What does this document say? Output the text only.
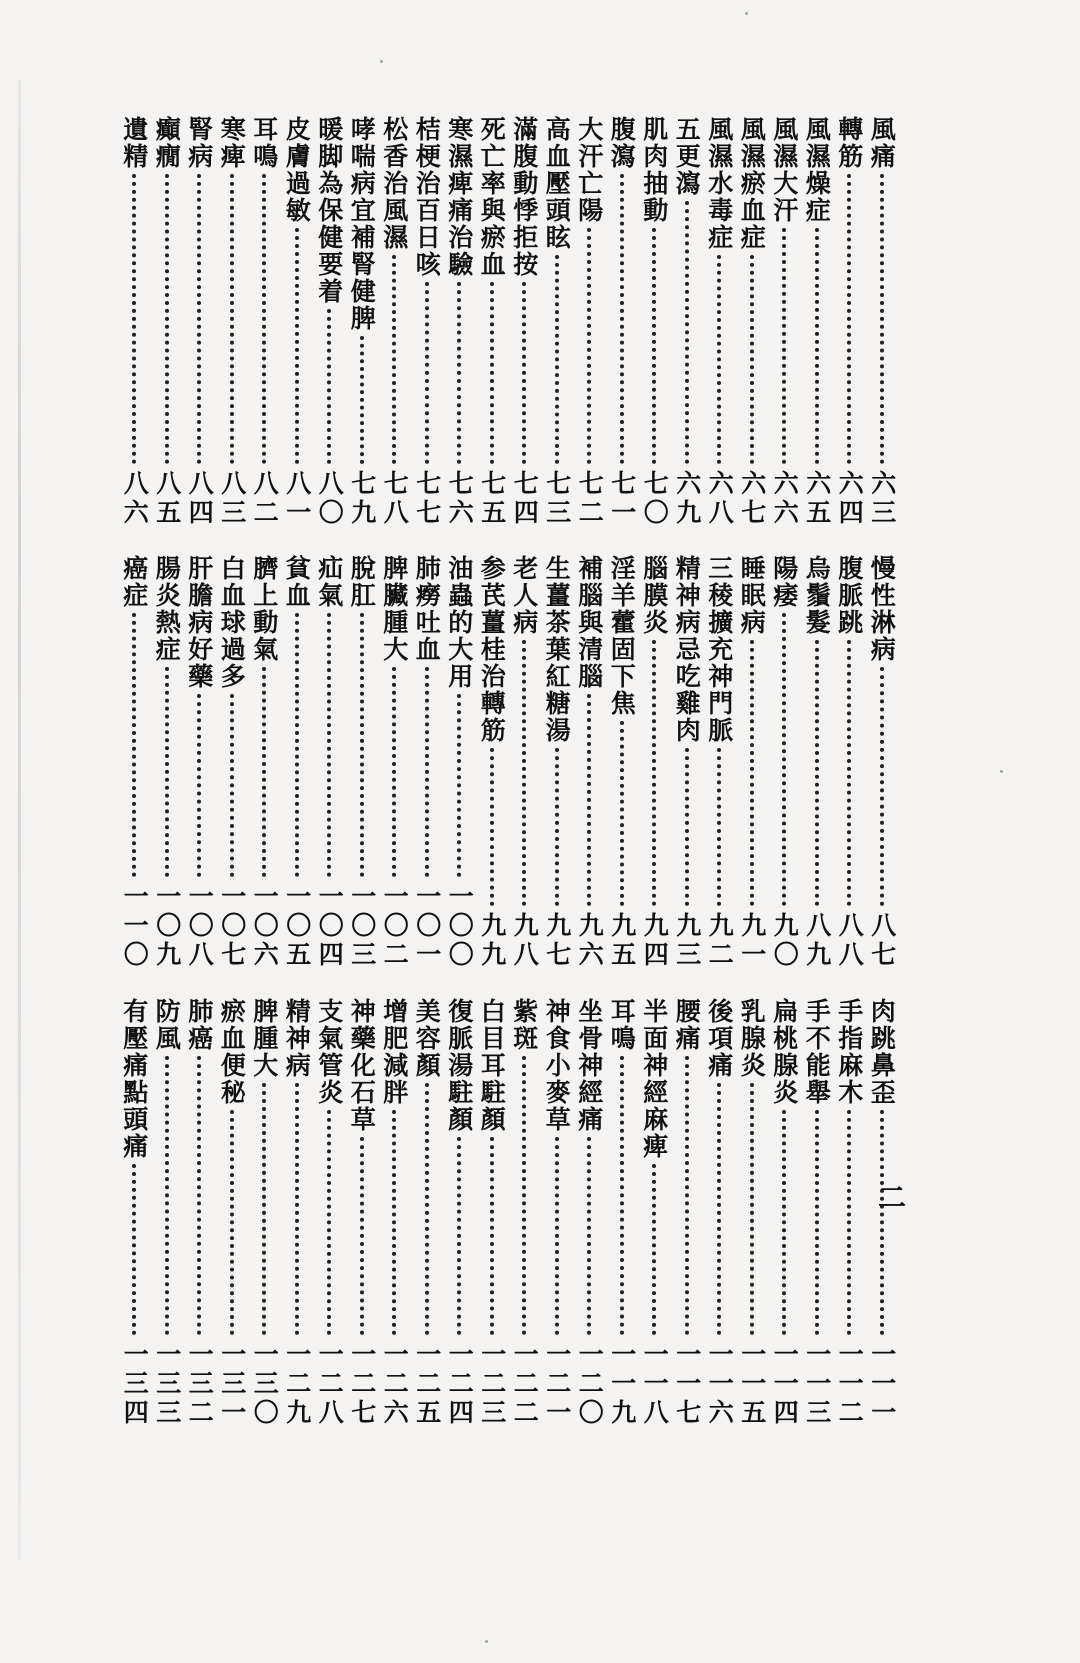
風痛
六三
轉筋
六四
風濕燥症
六五
風濕大汗
六六
風濕瘀血症
六七
風濕水毒症
六八
五更瀉
六九
肌肉抽動
七〇
腹瀉
七一
大汗亡陽
七二
高血壓頭眩
七三
滿腹動悸拒按
七四
死亡率與瘀血
七五
寒濕痺痛治驗
七六
桔梗治百日咳
七七
松香治風濕
七八
哮喘病宜補腎健脾
七九
暖脚為保健要着
八〇
皮膚過敏
八一
耳鳴
八二
寒痺
八三
腎病
八四
癲癇
八五
遺精
八六
慢性淋病
八七
腹脈跳
八八
烏鬚髮
八九
陽痿
九〇
睡眠病
九一
三稜擴充神門脈
九二
精神病忌吃雞肉
九三
腦膜炎
九四
淫羊藿固下焦
九五
補腦與清腦
九六
生薑茶葉紅糖湯
九七
老人病
九八
参芪薑桂治轉筋
九九
油蟲的大用
一〇〇
肺癆吐血
一〇一
脾臟腫大
一〇二
脫肛
一〇三
疝氣
一〇四
貧血
一〇五
臍上動氣
一〇六
白血球過多
一〇七
肝膽病好藥
一〇八
腸炎熱症
一〇九
癌症
一一〇
肉跳鼻歪
一一一
手指麻木
一一二
手不能舉
一一三
扁桃腺炎
一一四
乳腺炎
一一五
後項痛
一一六
腰痛
一一七
半面神經麻痺
一一八
耳鳴
一一九
坐骨神經痛
一二〇
神食小麥草
一二一
紫斑
一二二
白目耳駐顏
一二三
復脈湯駐顏
一二四
美容顏
一二五
增肥減胖
一二六
神藥化石草
一二七
支氣管炎
一二八
精神病
一二九
脾腫大
一三〇
瘀血便秘
一三一
肺癌
一三二
防風
一三三
有壓痛點頭痛
一三四
二
